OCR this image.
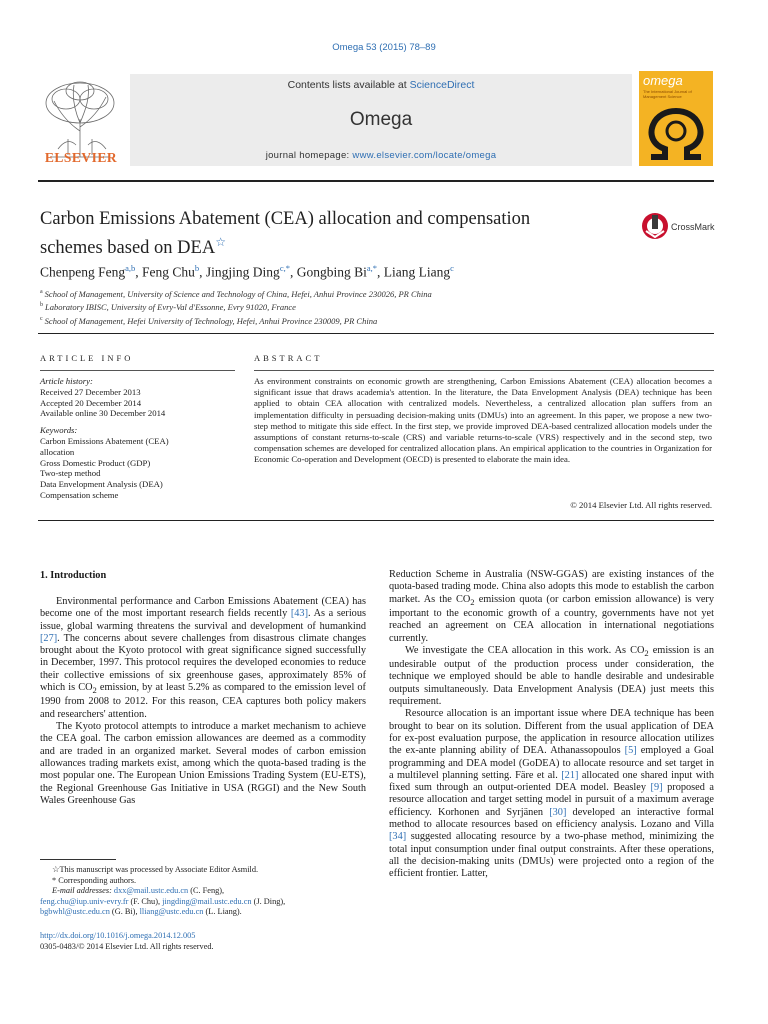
Omega 53 (2015) 78–89
ELSEVIER
Contents lists available at ScienceDirect
Omega
journal homepage: www.elsevier.com/locate/omega
omega
The International Journal of Management Science
Carbon Emissions Abatement (CEA) allocation and compensation
schemes based on DEA☆
CrossMark
Chenpeng Feng$^{a,b}$, Feng Chu$^b$, Jingjing Ding$^{c,*}$, Gongbing $Bi^{a,*}$, Liang Liang$^c$
$^a$ School of Management, University of Science and Technology of China, Hefei, Anhui Province 230026, PR China
$^b$ Laboratory IBISC, University of Evry-Val d'Essonne, Evry 91020, France
$^c$ School of Management, Hefei University of Technology, Hefei, Anhui Province 230009, PR China
ARTICLE INFO	ABSTRACT
Article history:
Received 27 December 2013
Accepted 20 December 2014
Available online 30 December 2014
Keywords:
Carbon Emissions Abatement (CEA)
allocation
Gross Domestic Product (GDP)
Two-step method
Data Envelopment Analysis (DEA)
Compensation scheme
As environment constraints on economic growth are strengthening, Carbon Emissions Abatement (CEA) allocation becomes a significant issue that draws academia's attention. In the literature, the Data Envelopment Analysis (DEA) technique has been applied to obtain CEA allocation with centralized models. Nevertheless, a centralized allocation plan suffers from an implementation difficulty in persuading decision-making units (DMUs) into an agreement. In this paper, we propose a new two-step method to mitigate this side effect. In the first step, we provide improved DEA-based centralized allocation models under the assumptions of constant returns-to-scale (CRS) and variable returns-to-scale (VRS) respectively and in the second step, two compensation schemes are developed for centralized allocation plans. An empirical application to the countries in Organization for Economic Co-operation and Development (OECD) is presented to elaborate the main idea.
© 2014 Elsevier Ltd. All rights reserved.
1. Introduction

Environmental performance and Carbon Emissions Abatement (CEA) has become one of the most important research fields recently [43]. As a serious issue, global warming threatens the survival and development of humankind [27]. The concerns about severe challenges from disastrous climate changes brought about the Kyoto protocol with great significance signed successfully in December, 1997. This protocol requires the developed economies to reduce their collective emissions of six greenhouse gases, approximately 85% of which is $CO_2$ emission, by at least 5.2% as compared to the emission level of 1990 from 2008 to 2012. For this reason, CEA captures both policy makers and researchers' attention.

The Kyoto protocol attempts to introduce a market mechanism to achieve the CEA goal. The carbon emission allowances are deemed as a commodity and are traded in an organized market. Several modes of carbon emission allowances trading markets exist, among which the quota-based trading is the most popular one. The European Union Emissions Trading System (EU-ETS), the Regional Greenhouse Gas Initiative in USA (RGGI) and the New South Wales Greenhouse Gas

Reduction Scheme in Australia (NSW-GGAS) are existing instances of the quota-based trading mode. China also adopts this mode to establish the carbon market. As the $CO_2$ emission quota (or carbon emission allowance) is very important to the economic growth of a country, governments have not yet reached an agreement on CEA allocation in international negotiations currently.

We investigate the CEA allocation in this work. As $CO_2$ emission is an undesirable output of the production process under consideration, the technique we employed should be able to handle desirable and undesirable outputs simultaneously. Data Envelopment Analysis (DEA) just meets this requirement.

Resource allocation is an important issue where DEA technique has been brought to bear on its solution. Different from the usual application of DEA for ex-post evaluation purpose, the application in resource allocation utilizes the ex-ante planning ability of DEA. Athanassopoulos [5] employed a Goal programming and DEA model (GoDEA) to allocate resource and set target in a multilevel planning setting. Färe et al. [21] allocated one shared input with fixed sum through an output-oriented DEA model. Beasley [9] proposed a resource allocation and target setting model in pursuit of a maximum average efficiency. Korhonen and Syrjänen [30] developed an interactive formal method to allocate resources based on efficiency analysis. Lozano and Villa [34] suggested allocating resource by a two-phase method, minimizing the total input consumption under final output constraints. After these operations, all the decision-making units (DMUs) were projected onto a region of the efficient frontier. Latter,

☆This manuscript was processed by Associate Editor Asmild.
* Corresponding authors.
E-mail addresses: dxx@mail.ustc.edu.cn (C. Feng),
feng.chu@iup.univ-evry.fr (F. Chu), jingding@mail.ustc.edu.cn (J. Ding),
bgbwhl@ustc.edu.cn (G. Bi), lliang@ustc.edu.cn (L. Liang).
http://dx.doi.org/10.1016/j.omega.2014.12.005
0305-0483/© 2014 Elsevier Ltd. All rights reserved.
